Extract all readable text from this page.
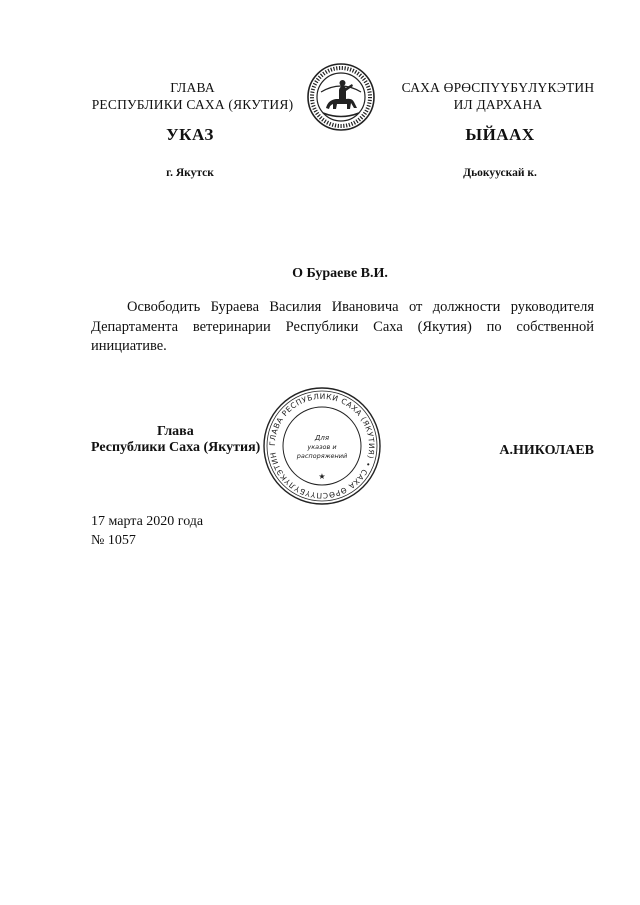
ГЛАВА
РЕСПУБЛИКИ САХА (ЯКУТИЯ)
САХА ӨРӨСПҮҮБҮЛҮКЭТИН
ИЛ ДАРХАНА
УКАЗ	ЫЙААХ
г. Якутск	Дьокуускай к.
О Бураеве В.И.
Освободить Бураева Василия Ивановича от должности руководителя Департамента ветеринарии Республики Саха (Якутия) по собственной инициативе.
Глава
Республики Саха (Якутия)	А.НИКОЛАЕВ
ГЛАВА РЕСПУБЛИКИ САХА (ЯКУТИЯ) • САХА ӨРӨСПҮҮБҮЛҮКЭТИН
Для
указов и
распоряжений
★
17 марта 2020 года
№ 1057
